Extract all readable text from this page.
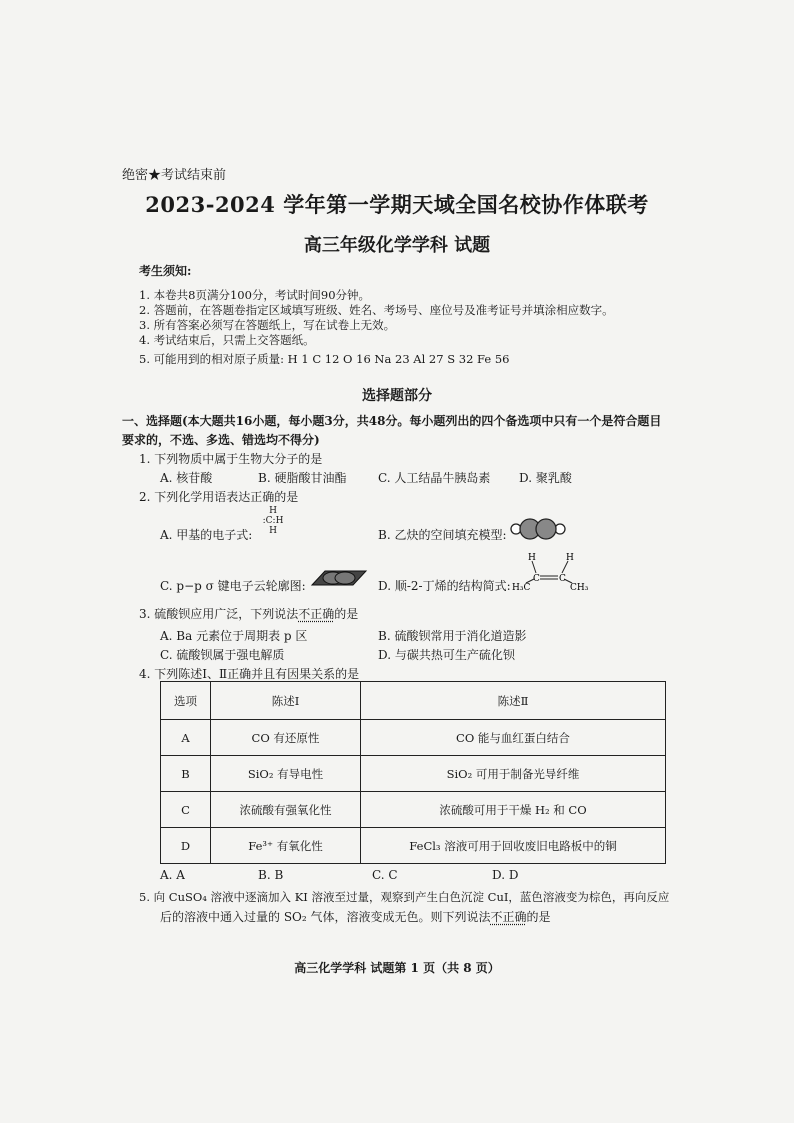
绝密★考试结束前
2023-2024 学年第一学期天域全国名校协作体联考
高三年级化学学科 试题
考生须知:
1. 本卷共8页满分100分，考试时间90分钟。
2. 答题前，在答题卷指定区域填写班级、姓名、考场号、座位号及准考证号并填涂相应数字。
3. 所有答案必须写在答题纸上，写在试卷上无效。
4. 考试结束后，只需上交答题纸。
5. 可能用到的相对原子质量: H 1 C 12 O 16 Na 23 Al 27 S 32 Fe 56
选择题部分
一、选择题(本大题共16小题，每小题3分，共48分。每小题列出的四个备选项中只有一个是符合题目
要求的，不选、多选、错选均不得分)
1. 下列物质中属于生物大分子的是
A. 核苷酸	B. 硬脂酸甘油酯	C. 人工结晶牛胰岛素 D. 聚乳酸
2. 下列化学用语表达正确的是
A. 甲基的电子式:
H
:C:H
H	B. 乙炔的空间填充模型:
C. p−p σ 键电子云轮廓图:	D. 顺-2-丁烯的结构简式:
H	H
H₃C	CH₃
C C
3. 硫酸钡应用广泛，下列说法不正确的是
A. Ba 元素位于周期表 p 区	B. 硫酸钡常用于消化道造影
C. 硫酸钡属于强电解质	D. 与碳共热可生产硫化钡
4. 下列陈述Ⅰ、Ⅱ正确并且有因果关系的是
选项	陈述Ⅰ	陈述Ⅱ
A	CO 有还原性	CO 能与血红蛋白结合
B	SiO₂ 有导电性	SiO₂ 可用于制备光导纤维
C	浓硫酸有强氧化性	浓硫酸可用于干燥 H₂ 和 CO
D	Fe³⁺ 有氧化性	FeCl₃ 溶液可用于回收废旧电路板中的铜
A. A	B. B	C. C	D. D
5. 向 CuSO₄ 溶液中逐滴加入 KI 溶液至过量，观察到产生白色沉淀 CuI，蓝色溶液变为棕色，再向反应
后的溶液中通入过量的 SO₂ 气体，溶液变成无色。则下列说法不正确的是
高三化学学科 试题第 1 页（共 8 页）
